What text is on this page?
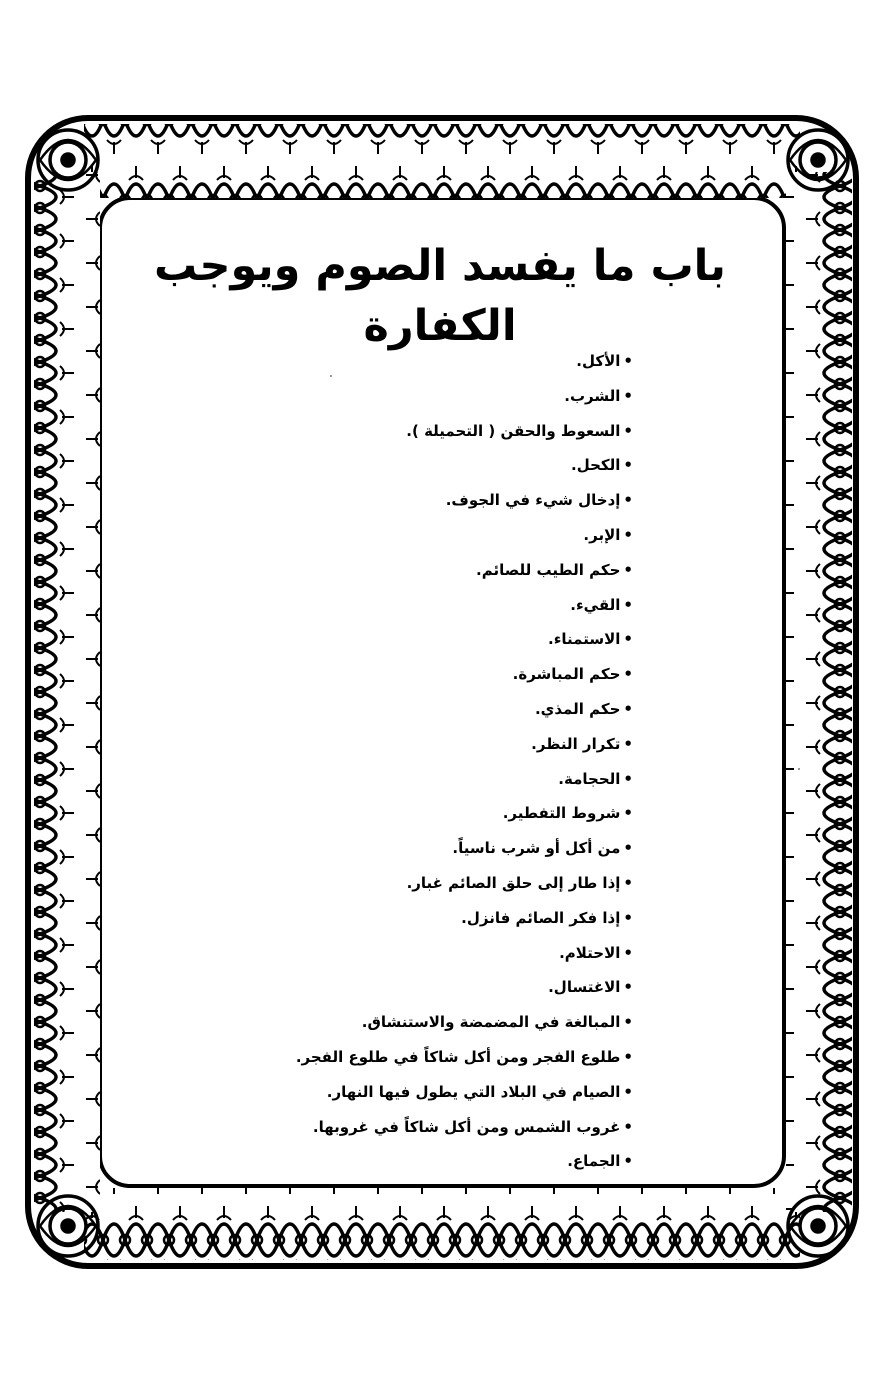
باب ما يفسد الصوم ويوجب الكفارة
•الأكل.
•الشرب.
•السعوط والحقن ( التحميلة ).
•الكحل.
•إدخال شيء في الجوف.
•الإبر.
•حكم الطيب للصائم.
•القيء.
•الاستمناء.
•حكم المباشرة.
•حكم المذي.
•تكرار النظر.
•الحجامة.
•شروط التفطير.
•من أكل أو شرب ناسياً.
•إذا طار إلى حلق الصائم غبار.
•إذا فكر الصائم فانزل.
•الاحتلام.
•الاغتسال.
•المبالغة في المضمضة والاستنشاق.
•طلوع الفجر ومن أكل شاكاً في طلوع الفجر.
•الصيام في البلاد التي يطول فيها النهار.
•غروب الشمس ومن أكل شاكاً في غروبها.
•الجماع.
